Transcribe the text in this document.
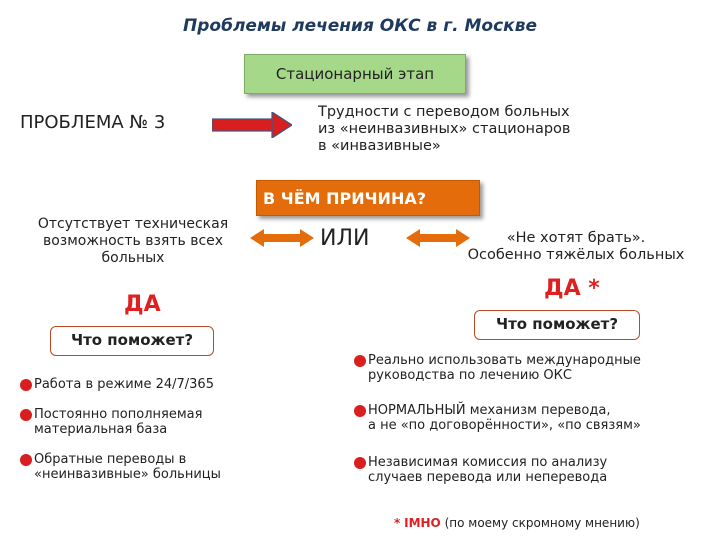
Проблемы лечения ОКС в г. Москве
Стационарный этап
ПРОБЛЕМА № 3	Трудности с переводом больных
из «неинвазивных» стационаров
в «инвазивные»
В ЧЁМ ПРИЧИНА?
Отсутствует техническая
возможность взять всех
больных
ИЛИ	«Не хотят брать».
Особенно тяжёлых больных
ДА
ДА *
Что поможет?
Что поможет?
Работа в режиме 24/7/365
Постоянно пополняемая
материальная база
Обратные переводы в
«неинвазивные» больницы
Реально использовать международные
руководства по лечению ОКС
НОРМАЛЬНЫЙ механизм перевода,
а не «по договорённости», «по связям»
Независимая комиссия по анализу
случаев перевода или неперевода
* IMHO (по моему скромному мнению)
